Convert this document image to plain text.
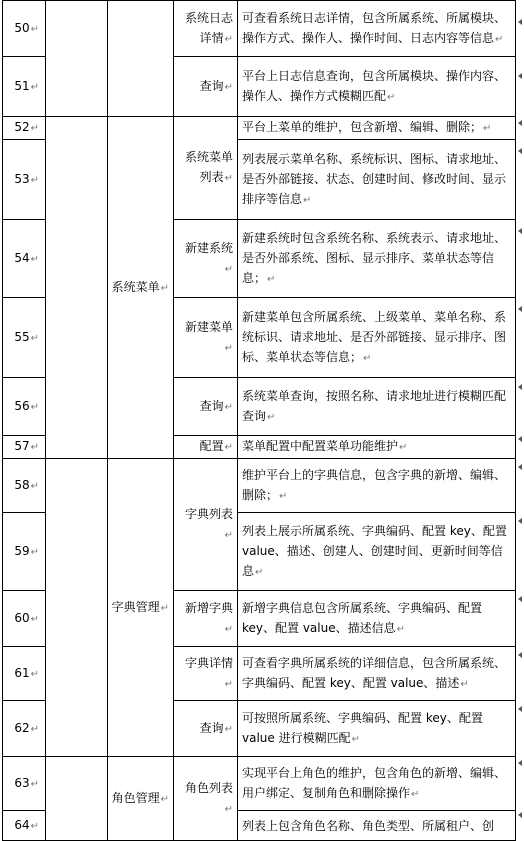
50↵			系统日志详情↵	可查看系统日志详情，包含所属系统、所属模块、操作方式、操作人、操作时间、日志内容等信息↵
51↵			查询↵	平台上日志信息查询，包含所属模块、操作内容、操作人、操作方式模糊匹配↵
52↵		系统菜单↵	系统菜单列表↵	平台上菜单的维护，包含新增、编辑、删除；↵
53↵				列表展示菜单名称、系统标识、图标、请求地址、是否外部链接、状态、创建时间、修改时间、显示排序等信息↵
54↵			新建系统↵	新建系统时包含系统名称、系统表示、请求地址、是否外部系统、图标、显示排序、菜单状态等信息；↵
55↵			新建菜单↵	新建菜单包含所属系统、上级菜单、菜单名称、系统标识、请求地址、是否外部链接、显示排序、图标、菜单状态等信息；↵
56↵			查询↵	系统菜单查询，按照名称、请求地址进行模糊匹配查询↵
57↵			配置↵	菜单配置中配置菜单功能维护↵
58↵		字典管理↵	字典列表↵	维护平台上的字典信息，包含字典的新增、编辑、删除；↵
59↵				列表上展示所属系统、字典编码、配置 key、配置 value、描述、创建人、创建时间、更新时间等信息↵
60↵			新增字典↵	新增字典信息包含所属系统、字典编码、配置 key、配置 value、描述信息↵
61↵			字典详情↵	可查看字典所属系统的详细信息，包含所属系统、字典编码、配置 key、配置 value、描述↵
62↵			查询↵	可按照所属系统、字典编码、配置 key、配置 value 进行模糊匹配↵
63↵		角色管理↵	角色列表↵	实现平台上角色的维护，包含角色的新增、编辑、用户绑定、复制角色和删除操作↵
64↵				列表上包含角色名称、角色类型、所属租户、创
